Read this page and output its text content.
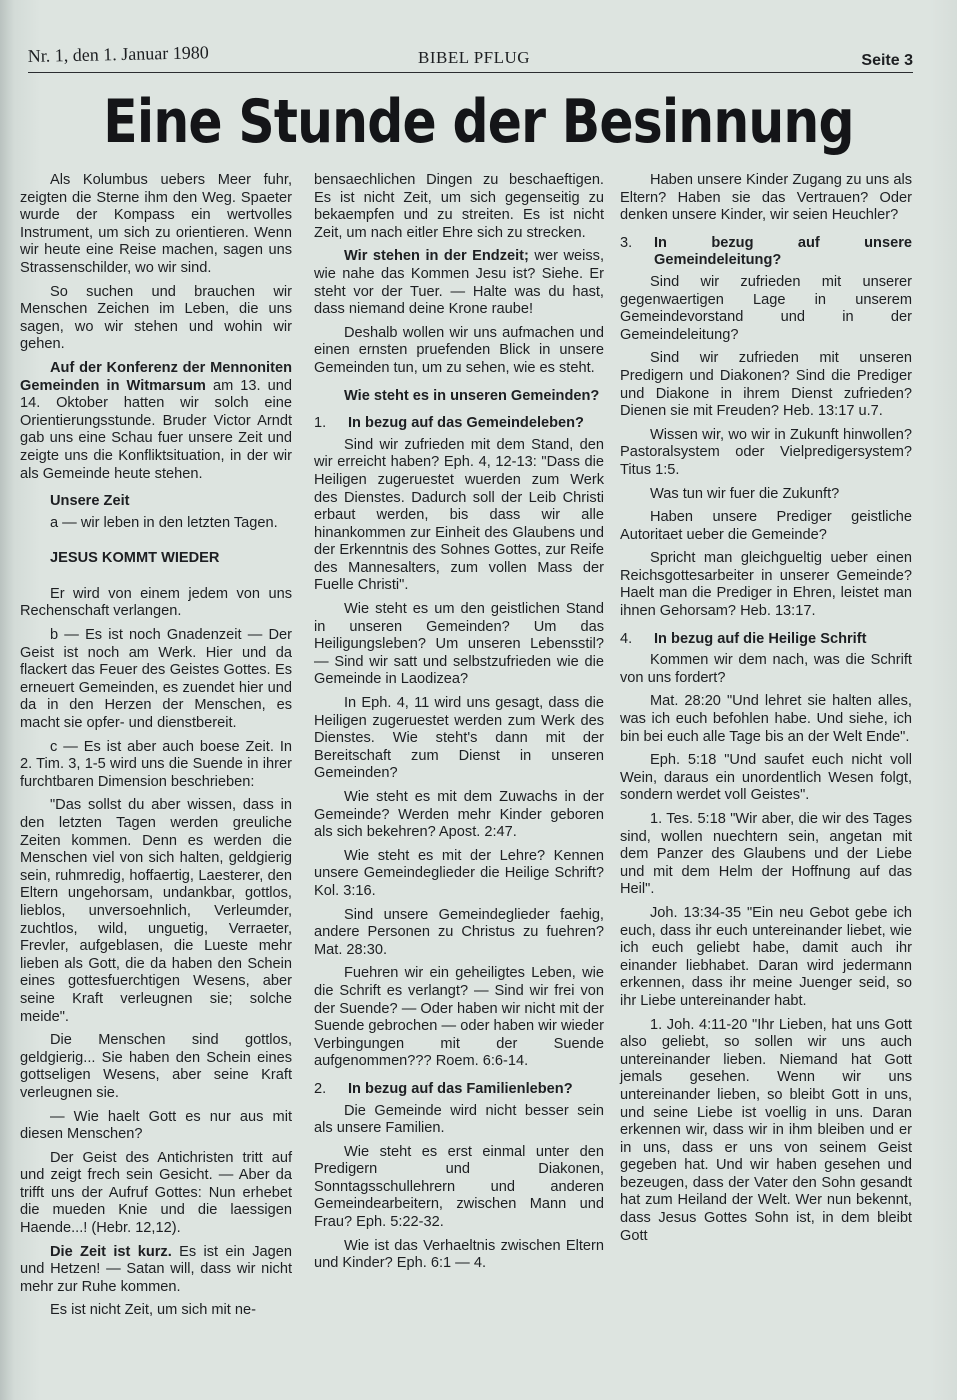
Nr. 1, den 1. Januar 1980	BIBEL PFLUG	Seite 3
Eine Stunde der Besinnung

Als Kolumbus uebers Meer fuhr, zeigten die Sterne ihm den Weg. Spaeter wurde der Kompass ein wertvolles Instrument, um sich zu orientieren. Wenn wir heute eine Reise machen, sagen uns Strassenschilder, wo wir sind.

So suchen und brauchen wir Menschen Zeichen im Leben, die uns sagen, wo wir stehen und wohin wir gehen.

Auf der Konferenz der Mennoniten Gemeinden in Witmarsum am 13. und 14. Oktober hatten wir solch eine Orientierungsstunde. Bruder Victor Arndt gab uns eine Schau fuer unsere Zeit und zeigte uns die Konfliktsituation, in der wir als Gemeinde heute stehen.

Unsere Zeit

a — wir leben in den letzten Tagen.

JESUS KOMMT WIEDER

Er wird von einem jedem von uns Rechenschaft verlangen.

b — Es ist noch Gnadenzeit — Der Geist ist noch am Werk. Hier und da flackert das Feuer des Geistes Gottes. Es erneuert Gemeinden, es zuendet hier und da in den Herzen der Menschen, es macht sie opfer- und dienstbereit.

c — Es ist aber auch boese Zeit. In 2. Tim. 3, 1-5 wird uns die Suende in ihrer furchtbaren Dimension beschrieben:

"Das sollst du aber wissen, dass in den letzten Tagen werden greuliche Zeiten kommen. Denn es werden die Menschen viel von sich halten, geldgierig sein, ruhmredig, hoffaertig, Laesterer, den Eltern ungehorsam, undankbar, gottlos, lieblos, unversoehnlich, Verleumder, zuchtlos, wild, unguetig, Verraeter, Frevler, aufgeblasen, die Lueste mehr lieben als Gott, die da haben den Schein eines gottesfuerchtigen Wesens, aber seine Kraft verleugnen sie; solche meide".

Die Menschen sind gottlos, geldgierig... Sie haben den Schein eines gottseligen Wesens, aber seine Kraft verleugnen sie.

— Wie haelt Gott es nur aus mit diesen Menschen?

Der Geist des Antichristen tritt auf und zeigt frech sein Gesicht. — Aber da trifft uns der Aufruf Gottes: Nun erhebet die mueden Knie und die laessigen Haende...! (Hebr. 12,12).

Die Zeit ist kurz. Es ist ein Jagen und Hetzen! — Satan will, dass wir nicht mehr zur Ruhe kommen.

Es ist nicht Zeit, um sich mit ne-

bensaechlichen Dingen zu beschaeftigen. Es ist nicht Zeit, um sich gegenseitig zu bekaempfen und zu streiten. Es ist nicht Zeit, um nach eitler Ehre sich zu strecken.

Wir stehen in der Endzeit; wer weiss, wie nahe das Kommen Jesu ist? Siehe. Er steht vor der Tuer. — Halte was du hast, dass niemand deine Krone raube!

Deshalb wollen wir uns aufmachen und einen ernsten pruefenden Blick in unsere Gemeinden tun, um zu sehen, wie es steht.

Wie steht es in unseren Gemeinden?
1.	In bezug auf das Gemeindeleben?

Sind wir zufrieden mit dem Stand, den wir erreicht haben? Eph. 4, 12-13: "Dass die Heiligen zugeruestet wuerden zum Werk des Dienstes. Dadurch soll der Leib Christi erbaut werden, bis dass wir alle hinankommen zur Einheit des Glaubens und der Erkenntnis des Sohnes Gottes, zur Reife des Mannesalters, zum vollen Mass der Fuelle Christi".

Wie steht es um den geistlichen Stand in unseren Gemeinden? Um das Heiligungsleben? Um unseren Lebensstil? — Sind wir satt und selbstzufrieden wie die Gemeinde in Laodizea?

In Eph. 4, 11 wird uns gesagt, dass die Heiligen zugeruestet werden zum Werk des Dienstes. Wie steht's dann mit der Bereitschaft zum Dienst in unseren Gemeinden?

Wie steht es mit dem Zuwachs in der Gemeinde? Werden mehr Kinder geboren als sich bekehren? Apost. 2:47.

Wie steht es mit der Lehre? Kennen unsere Gemeindeglieder die Heilige Schrift? Kol. 3:16.

Sind unsere Gemeindeglieder faehig, andere Personen zu Christus zu fuehren? Mat. 28:30.

Fuehren wir ein geheiligtes Leben, wie die Schrift es verlangt? — Sind wir frei von der Suende? — Oder haben wir nicht mit der Suende gebrochen — oder haben wir wieder Verbingungen mit der Suende aufgenommen??? Roem. 6:6-14.

2.	In bezug auf das Familienleben?

Die Gemeinde wird nicht besser sein als unsere Familien.

Wie steht es erst einmal unter den Predigern und Diakonen, Sonntagsschullehrern und anderen Gemeindearbeitern, zwischen Mann und Frau? Eph. 5:22-32.

Wie ist das Verhaeltnis zwischen Eltern und Kinder? Eph. 6:1 — 4.

Haben unsere Kinder Zugang zu uns als Eltern? Haben sie das Vertrauen? Oder denken unsere Kinder, wir seien Heuchler?

3.	In bezug auf unsere Gemeindeleitung?

Sind wir zufrieden mit unserer gegenwaertigen Lage in unserem Gemeindevorstand und in der Gemeindeleitung?

Sind wir zufrieden mit unseren Predigern und Diakonen? Sind die Prediger und Diakone in ihrem Dienst zufrieden? Dienen sie mit Freuden? Heb. 13:17 u.7.

Wissen wir, wo wir in Zukunft hinwollen? Pastoralsystem oder Vielpredigersystem? Titus 1:5.

Was tun wir fuer die Zukunft?

Haben unsere Prediger geistliche Autoritaet ueber die Gemeinde?

Spricht man gleichgueltig ueber einen Reichsgottesarbeiter in unserer Gemeinde? Haelt man die Prediger in Ehren, leistet man ihnen Gehorsam? Heb. 13:17.

4.	In bezug auf die Heilige Schrift

Kommen wir dem nach, was die Schrift von uns fordert?

Mat. 28:20 "Und lehret sie halten alles, was ich euch befohlen habe. Und siehe, ich bin bei euch alle Tage bis an der Welt Ende".

Eph. 5:18 "Und saufet euch nicht voll Wein, daraus ein unordentlich Wesen folgt, sondern werdet voll Geistes".

1. Tes. 5:18 "Wir aber, die wir des Tages sind, wollen nuechtern sein, angetan mit dem Panzer des Glaubens und der Liebe und mit dem Helm der Hoffnung auf das Heil".

Joh. 13:34-35 "Ein neu Gebot gebe ich euch, dass ihr euch untereinander liebet, wie ich euch geliebt habe, damit auch ihr einander liebhabet. Daran wird jedermann erkennen, dass ihr meine Juenger seid, so ihr Liebe untereinander habt.

1. Joh. 4:11-20 "Ihr Lieben, hat uns Gott also geliebt, so sollen wir uns auch untereinander lieben. Niemand hat Gott jemals gesehen. Wenn wir uns untereinander lieben, so bleibt Gott in uns, und seine Liebe ist voellig in uns. Daran erkennen wir, dass wir in ihm bleiben und er in uns, dass er uns von seinem Geist gegeben hat. Und wir haben gesehen und bezeugen, dass der Vater den Sohn gesandt hat zum Heiland der Welt. Wer nun bekennt, dass Jesus Gottes Sohn ist, in dem bleibt Gott
